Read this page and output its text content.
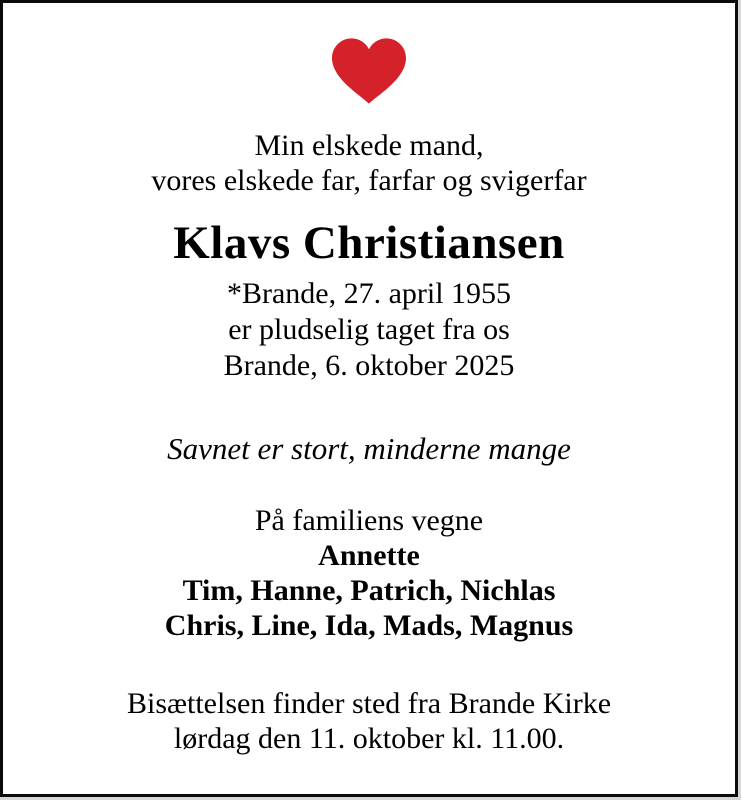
Min elskede mand,
vores elskede far, farfar og svigerfar
Klavs Christiansen
*Brande, 27. april 1955
er pludselig taget fra os
Brande, 6. oktober 2025
Savnet er stort, minderne mange
På familiens vegne
Annette
Tim, Hanne, Patrich, Nichlas
Chris, Line, Ida, Mads, Magnus
Bisættelsen finder sted fra Brande Kirke
lørdag den 11. oktober kl. 11.00.
